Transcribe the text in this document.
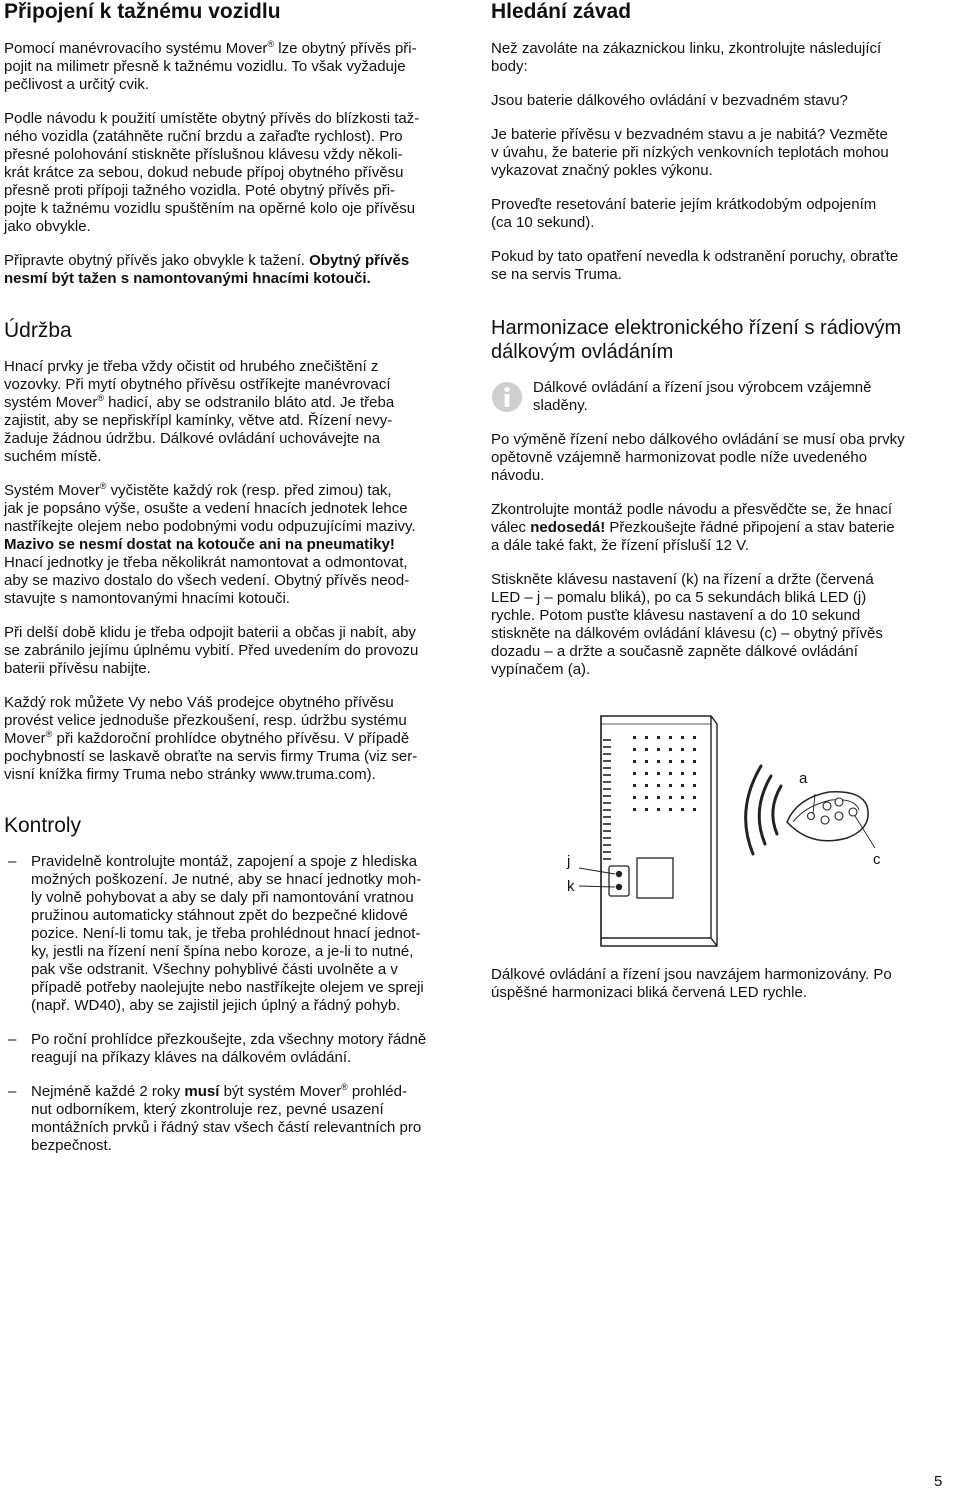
Připojení k tažnému vozidlu

Pomocí manévrovacího systému Mover® lze obytný přívěs při-
pojit na milimetr přesně k tažnému vozidlu. To však vyžaduje
pečlivost a určitý cvik.

Podle návodu k použití umístěte obytný přívěs do blízkosti taž-
ného vozidla (zatáhněte ruční brzdu a zařaďte rychlost). Pro
přesné polohování stiskněte příslušnou klávesu vždy několi-
krát krátce za sebou, dokud nebude přípoj obytného přívěsu
přesně proti přípoji tažného vozidla. Poté obytný přívěs při-
pojte k tažnému vozidlu spuštěním na opěrné kolo oje přívěsu
jako obvykle.

Připravte obytný přívěs jako obvykle k tažení. Obytný přívěs
nesmí být tažen s namontovanými hnacími kotouči.

Údržba

Hnací prvky je třeba vždy očistit od hrubého znečištění z
vozovky. Při mytí obytného přívěsu ostříkejte manévrovací
systém Mover® hadicí, aby se odstranilo bláto atd. Je třeba
zajistit, aby se nepřiskřípl kamínky, větve atd. Řízení nevy-
žaduje žádnou údržbu. Dálkové ovládání uchovávejte na
suchém místě.

Systém Mover® vyčistěte každý rok (resp. před zimou) tak,
jak je popsáno výše, osušte a vedení hnacích jednotek lehce
nastříkejte olejem nebo podobnými vodu odpuzujícími mazivy.
Mazivo se nesmí dostat na kotouče ani na pneumatiky!
Hnací jednotky je třeba několikrát namontovat a odmontovat,
aby se mazivo dostalo do všech vedení. Obytný přívěs neod-
stavujte s namontovanými hnacími kotouči.

Při delší době klidu je třeba odpojit baterii a občas ji nabít, aby
se zabránilo jejímu úplnému vybití. Před uvedením do provozu
baterii přívěsu nabijte.

Každý rok můžete Vy nebo Váš prodejce obytného přívěsu
provést velice jednoduše přezkoušení, resp. údržbu systému
Mover® při každoroční prohlídce obytného přívěsu. V případě
pochybností se laskavě obraťte na servis firmy Truma (viz ser-
visní knížka firmy Truma nebo stránky www.truma.com).

Kontroly
– Pravidelně kontrolujte montáž, zapojení a spoje z hlediska
možných poškození. Je nutné, aby se hnací jednotky moh-
ly volně pohybovat a aby se daly při namontování vratnou
pružinou automaticky stáhnout zpět do bezpečné klidové
pozice. Není-li tomu tak, je třeba prohlédnout hnací jednot-
ky, jestli na řízení není špína nebo koroze, a je-li to nutné,
pak vše odstranit. Všechny pohyblivé části uvolněte a v
případě potřeby naolejujte nebo nastříkejte olejem ve spreji
(např. WD40), aby se zajistil jejich úplný a řádný pohyb.
– Po roční prohlídce přezkoušejte, zda všechny motory řádně
reagují na příkazy kláves na dálkovém ovládání.
– Nejméně každé 2 roky musí být systém Mover® prohléd-
nut odborníkem, který zkontroluje rez, pevné usazení
montážních prvků i řádný stav všech částí relevantních pro
bezpečnost.
Hledání závad

Než zavoláte na zákaznickou linku, zkontrolujte následující
body:

Jsou baterie dálkového ovládání v bezvadném stavu?

Je baterie přívěsu v bezvadném stavu a je nabitá? Vezměte
v úvahu, že baterie při nízkých venkovních teplotách mohou
vykazovat značný pokles výkonu.

Proveďte resetování baterie jejím krátkodobým odpojením
(ca 10 sekund).

Pokud by tato opatření nevedla k odstranění poruchy, obraťte
se na servis Truma.

Harmonizace elektronického řízení s rádiovým
dálkovým ovládáním

Dálkové ovládání a řízení jsou výrobcem vzájemně
sladěny.

Po výměně řízení nebo dálkového ovládání se musí oba prvky
opětovně vzájemně harmonizovat podle níže uvedeného
návodu.

Zkontrolujte montáž podle návodu a přesvědčte se, že hnací
válec nedosedá! Přezkoušejte řádné připojení a stav baterie
a dále také fakt, že řízení přísluší 12 V.

Stiskněte klávesu nastavení (k) na řízení a držte (červená
LED – j – pomalu bliká), po ca 5 sekundách bliká LED (j)
rychle. Potom pusťte klávesu nastavení a do 10 sekund
stiskněte na dálkovém ovládání klávesu (c) – obytný přívěs
dozadu – a držte a současně zapněte dálkové ovládání
vypínačem (a).

j
k
a
c

Dálkové ovládání a řízení jsou navzájem harmonizovány. Po
úspěšné harmonizaci bliká červená LED rychle.

5
